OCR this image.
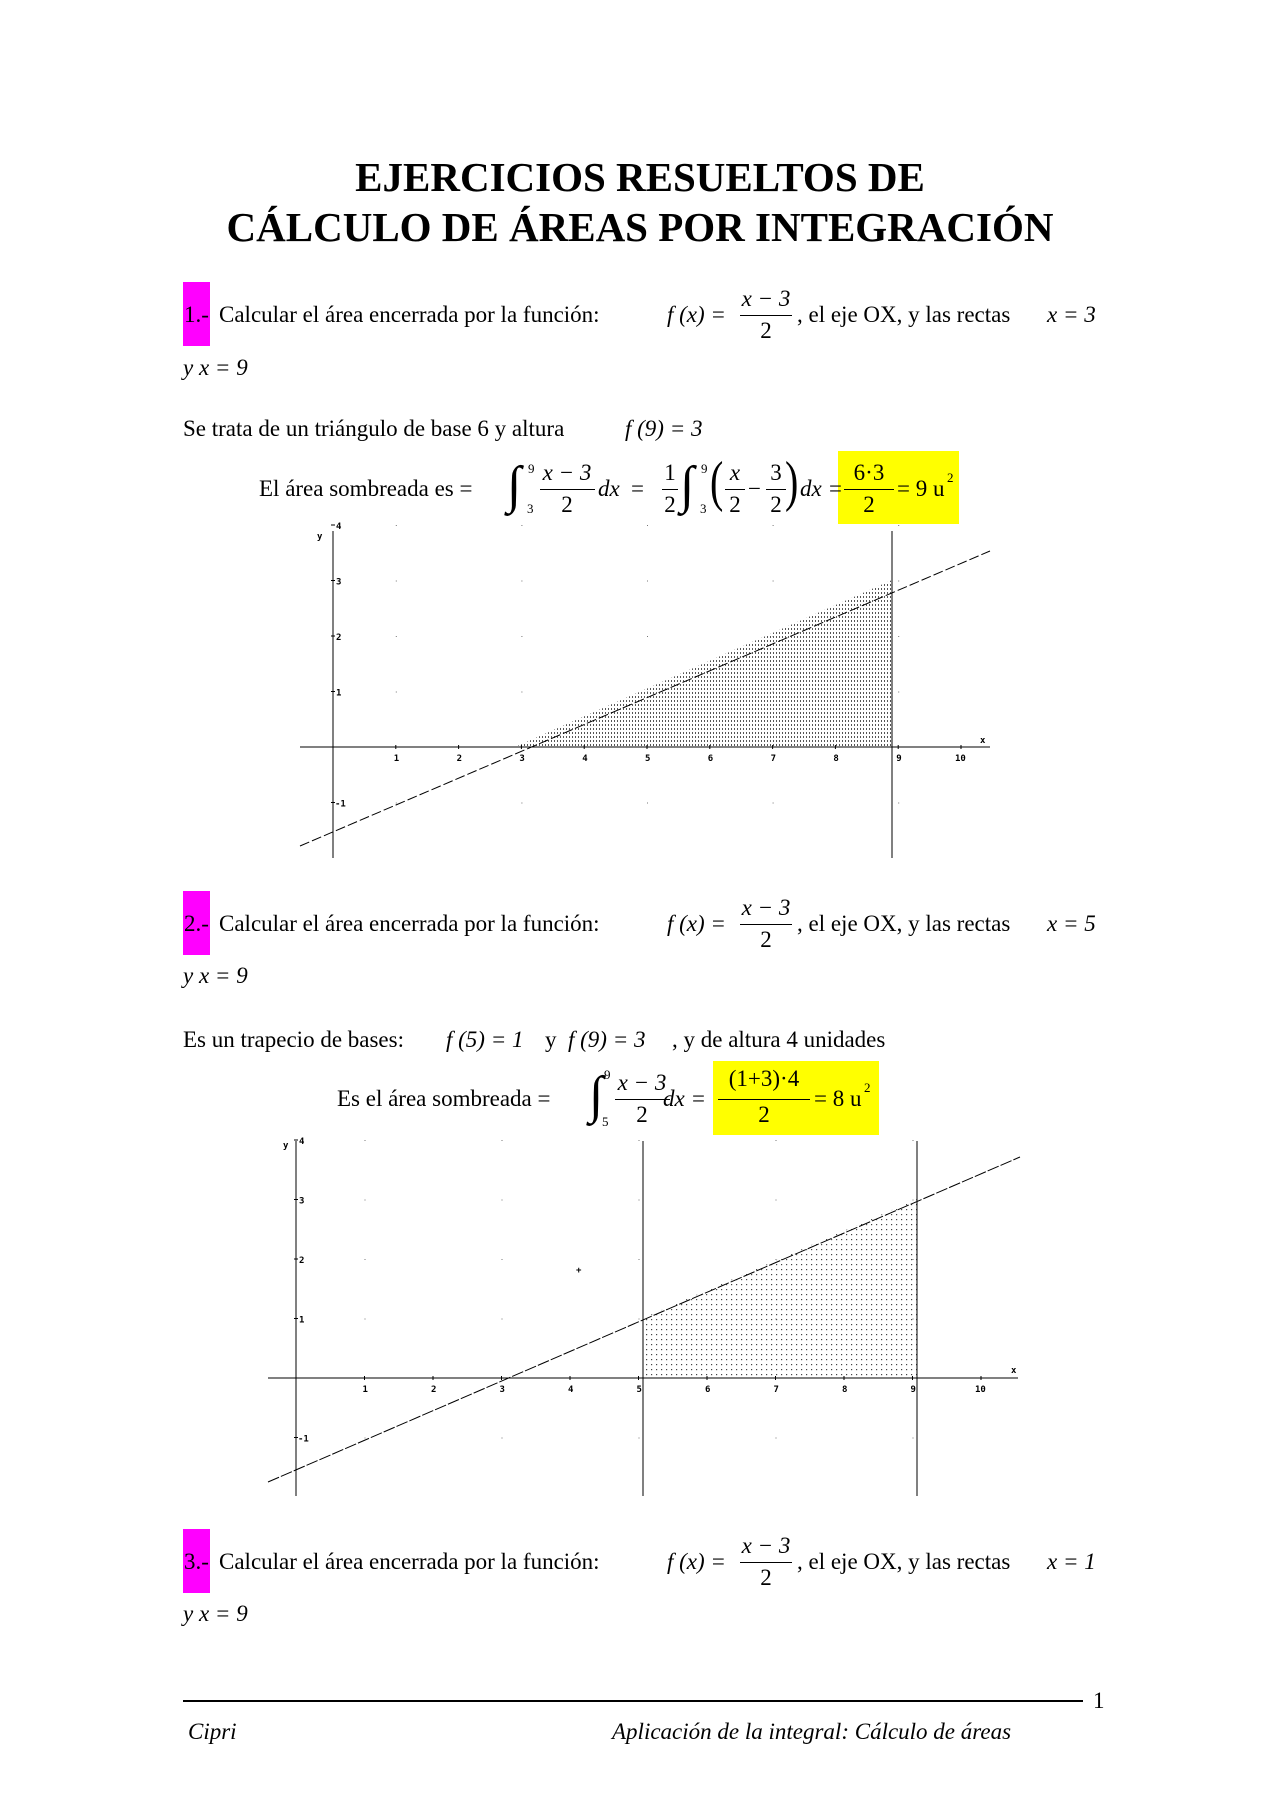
EJERCICIOS RESUELTOS DE
CÁLCULO DE ÁREAS POR INTEGRACIÓN
1.- Calcular el área encerrada por la función:	f (x) =
x − 3
2
, el eje OX, y las rectas x = 3
y x = 9
Se trata de un triángulo de base 6 y altura	f (9) = 3
El área sombreada es = ∫ 9
3
x − 3
2
dx =
1
2 ∫ 9
3 ( x
2
−
3
2 ) dx =
6·3
2
= 9 u 2
1	2	3	4	5	6	7	8	9	10
-1
1
2
3
4
x
y
2.- Calcular el área encerrada por la función:	f (x) =
x − 3
2
, el eje OX, y las rectas x = 5
y x = 9
Es un trapecio de bases: f (5) = 1 y f (9) = 3 , y de altura 4 unidades
Es el área sombreada = ∫ 9
5
x − 3
2
dx =
(1+3)·4
2
= 8 u 2
+
1	2	3	4	5	6	7	8	9	10
-1
1
2
3
4
x
y
3.- Calcular el área encerrada por la función:	f (x) =
x − 3
2
, el eje OX, y las rectas x = 1
y x = 9
1
Cipri	Aplicación de la integral: Cálculo de áreas
